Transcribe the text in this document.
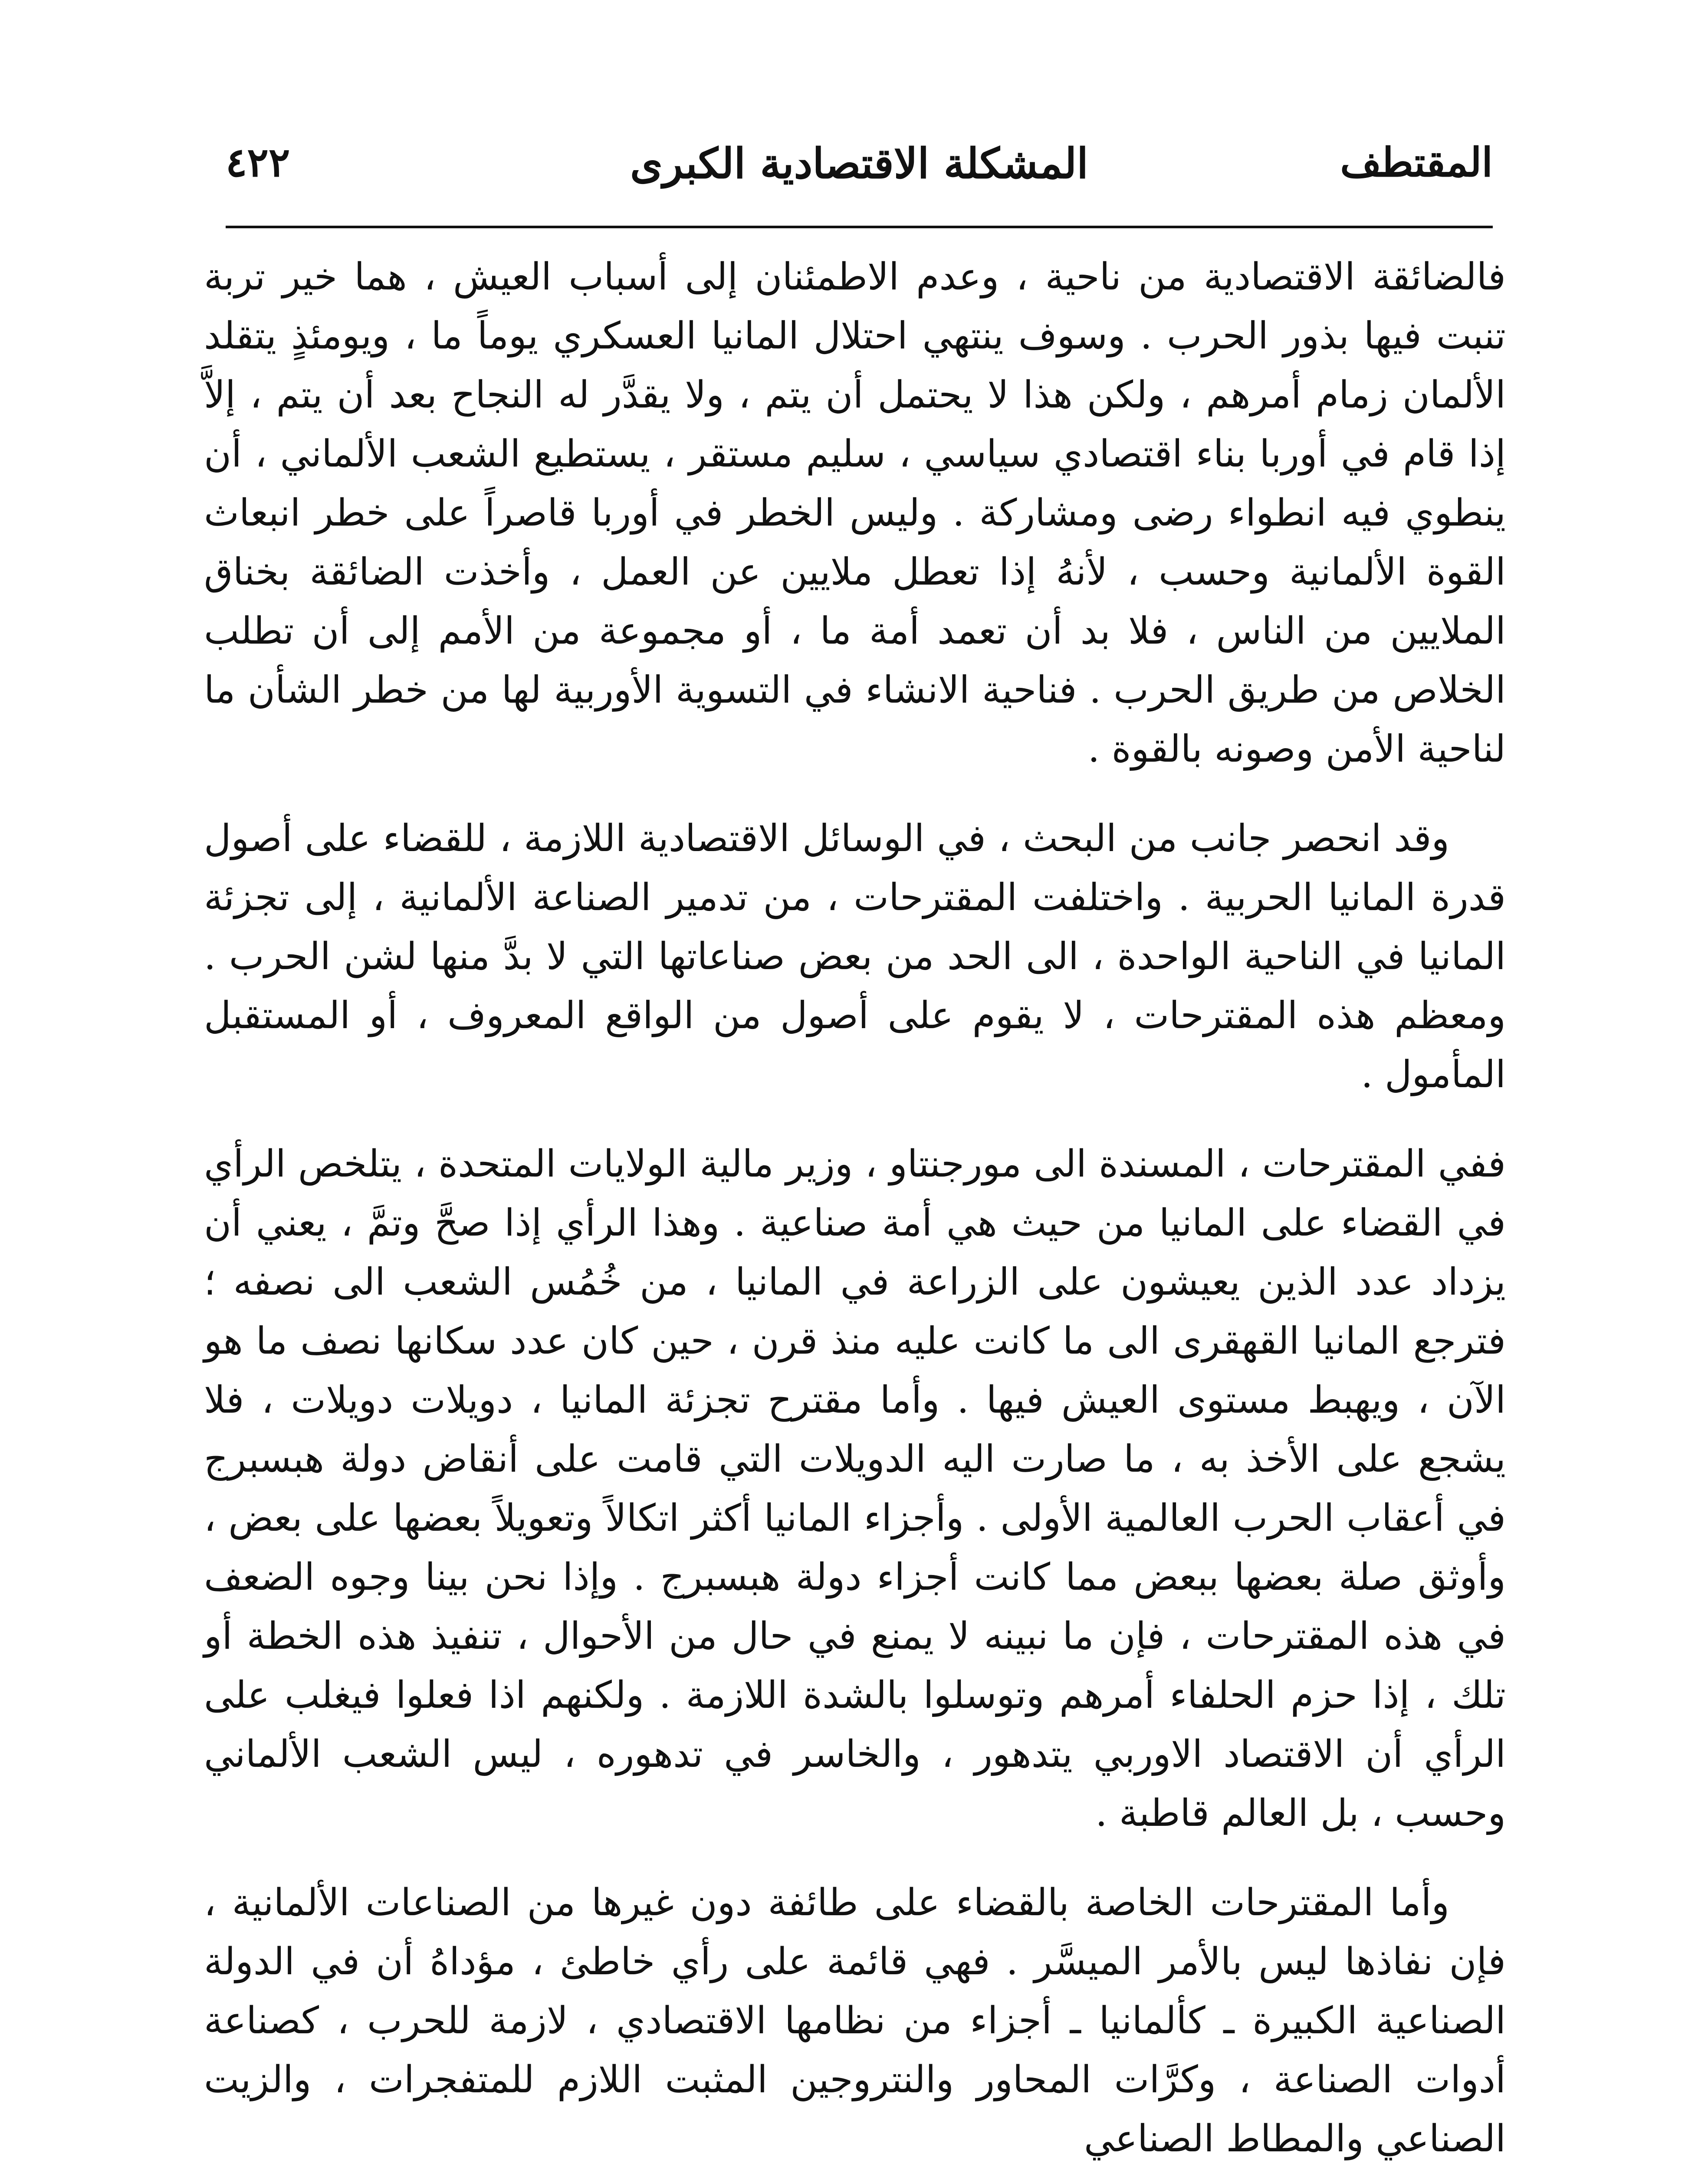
المقتطف
المشكلة الاقتصادية الكبرى
٤٢٢

فالضائقة الاقتصادية من ناحية ، وعدم الاطمئنان إلى أسباب العيش ، هما خير تربة تنبت فيها بذور الحرب . وسوف ينتهي احتلال المانيا العسكري يوماً ما ، ويومئذٍ يتقلد الألمان زمام أمرهم ، ولكن هذا لا يحتمل أن يتم ، ولا يقدَّر له النجاح بعد أن يتم ، إلاَّ إذا قام في أوربا بناء اقتصادي سياسي ، سليم مستقر ، يستطيع الشعب الألماني ، أن ينطوي فيه انطواء رضى ومشاركة . وليس الخطر في أوربا قاصراً على خطر انبعاث القوة الألمانية وحسب ، لأنهُ إذا تعطل ملايين عن العمل ، وأخذت الضائقة بخناق الملايين من الناس ، فلا بد أن تعمد أمة ما ، أو مجموعة من الأمم إلى أن تطلب الخلاص من طريق الحرب . فناحية الانشاء في التسوية الأوربية لها من خطر الشأن ما لناحية الأمن وصونه بالقوة .

وقد انحصر جانب من البحث ، في الوسائل الاقتصادية اللازمة ، للقضاء على أصول قدرة المانيا الحربية . واختلفت المقترحات ، من تدمير الصناعة الألمانية ، إلى تجزئة المانيا في الناحية الواحدة ، الى الحد من بعض صناعاتها التي لا بدَّ منها لشن الحرب . ومعظم هذه المقترحات ، لا يقوم على أصول من الواقع المعروف ، أو المستقبل المأمول .

ففي المقترحات ، المسندة الى مورجنتاو ، وزير مالية الولايات المتحدة ، يتلخص الرأي في القضاء على المانيا من حيث هي أمة صناعية . وهذا الرأي إذا صحَّ وتمَّ ، يعني أن يزداد عدد الذين يعيشون على الزراعة في المانيا ، من خُمُس الشعب الى نصفه ؛ فترجع المانيا القهقرى الى ما كانت عليه منذ قرن ، حين كان عدد سكانها نصف ما هو الآن ، ويهبط مستوى العيش فيها . وأما مقترح تجزئة المانيا ، دويلات دويلات ، فلا يشجع على الأخذ به ، ما صارت اليه الدويلات التي قامت على أنقاض دولة هبسبرج في أعقاب الحرب العالمية الأولى . وأجزاء المانيا أكثر اتكالاً وتعويلاً بعضها على بعض ، وأوثق صلة بعضها ببعض مما كانت أجزاء دولة هبسبرج . وإذا نحن بينا وجوه الضعف في هذه المقترحات ، فإن ما نبينه لا يمنع في حال من الأحوال ، تنفيذ هذه الخطة أو تلك ، إذا حزم الحلفاء أمرهم وتوسلوا بالشدة اللازمة . ولكنهم اذا فعلوا فيغلب على الرأي أن الاقتصاد الاوربي يتدهور ، والخاسر في تدهوره ، ليس الشعب الألماني وحسب ، بل العالم قاطبة .

وأما المقترحات الخاصة بالقضاء على طائفة دون غيرها من الصناعات الألمانية ، فإن نفاذها ليس بالأمر الميسَّر . فهي قائمة على رأي خاطئ ، مؤداهُ أن في الدولة الصناعية الكبيرة ـ كألمانيا ـ أجزاء من نظامها الاقتصادي ، لازمة للحرب ، كصناعة أدوات الصناعة ، وكرَّات المحاور والنتروجين المثبت اللازم للمتفجرات ، والزيت الصناعي والمطاط الصناعي
